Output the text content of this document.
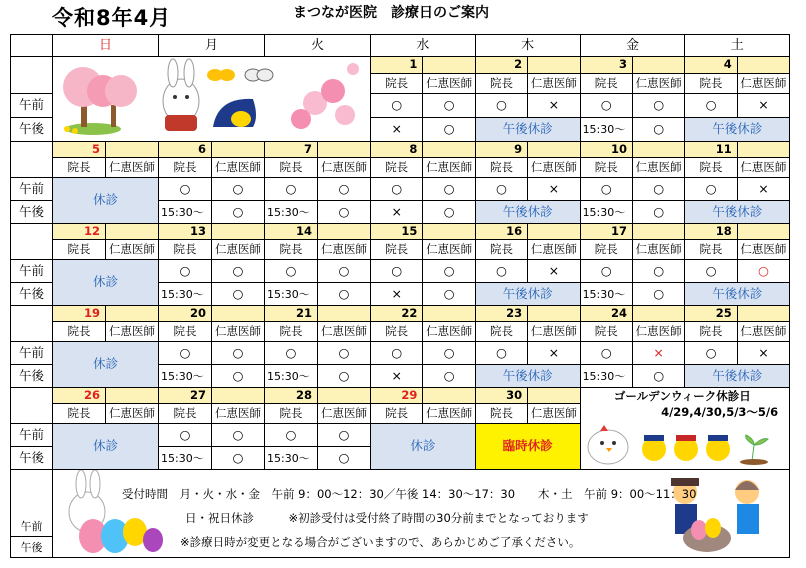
令和8年4月	まつなが医院　診療日のご案内
	日		月		火		水		木		金		土	

	1		2		3		4	
							院長	仁恵医師	院長	仁恵医師	院長	仁恵医師	院長	仁恵医師
午前							○	○	○	×	○	○	○	×
午後							×	○	午後休診		15:30〜	○	午後休診	
	5		6		7		8		9		10		11	
	院長	仁恵医師	院長	仁恵医師	院長	仁恵医師	院長	仁恵医師	院長	仁恵医師	院長	仁恵医師	院長	仁恵医師
午前	休診		○	○	○	○	○	○	○	×	○	○	○	×
午後			15:30〜	○	15:30〜	○	×	○	午後休診		15:30〜	○	午後休診	
	12		13		14		15		16		17		18	
	院長	仁恵医師	院長	仁恵医師	院長	仁恵医師	院長	仁恵医師	院長	仁恵医師	院長	仁恵医師	院長	仁恵医師
午前	休診		○	○	○	○	○	○	○	×	○	○	○	○
午後			15:30〜	○	15:30〜	○	×	○	午後休診		15:30〜	○	午後休診	
	19		20		21		22		23		24		25	
	院長	仁恵医師	院長	仁恵医師	院長	仁恵医師	院長	仁恵医師	院長	仁恵医師	院長	仁恵医師	院長	仁恵医師
午前	休診		○	○	○	○	○	○	○	×	○	×	○	×
午後			15:30〜	○	15:30〜	○	×	○	午後休診		15:30〜	○	午後休診	
	26		27		28		29		30		ゴールデンウィーク休診日
4/29,4/30,5/3〜5/6			

	院長	仁恵医師	院長	仁恵医師	院長	仁恵医師	院長	仁恵医師	院長	仁恵医師				
午前	休診		○	○	○	○	休診		臨時休診					
午後			15:30〜	○	15:30〜	○								

午前														
午後														
受付時間　月・火・水・金　午前 9：00〜12：30／午後 14：30〜17：30　　木・土　午前 9：00〜11：30
日・祝日休診　　　※初診受付は受付終了時間の30分前までとなっております
※診療日時が変更となる場合がございますので、あらかじめご了承ください。
